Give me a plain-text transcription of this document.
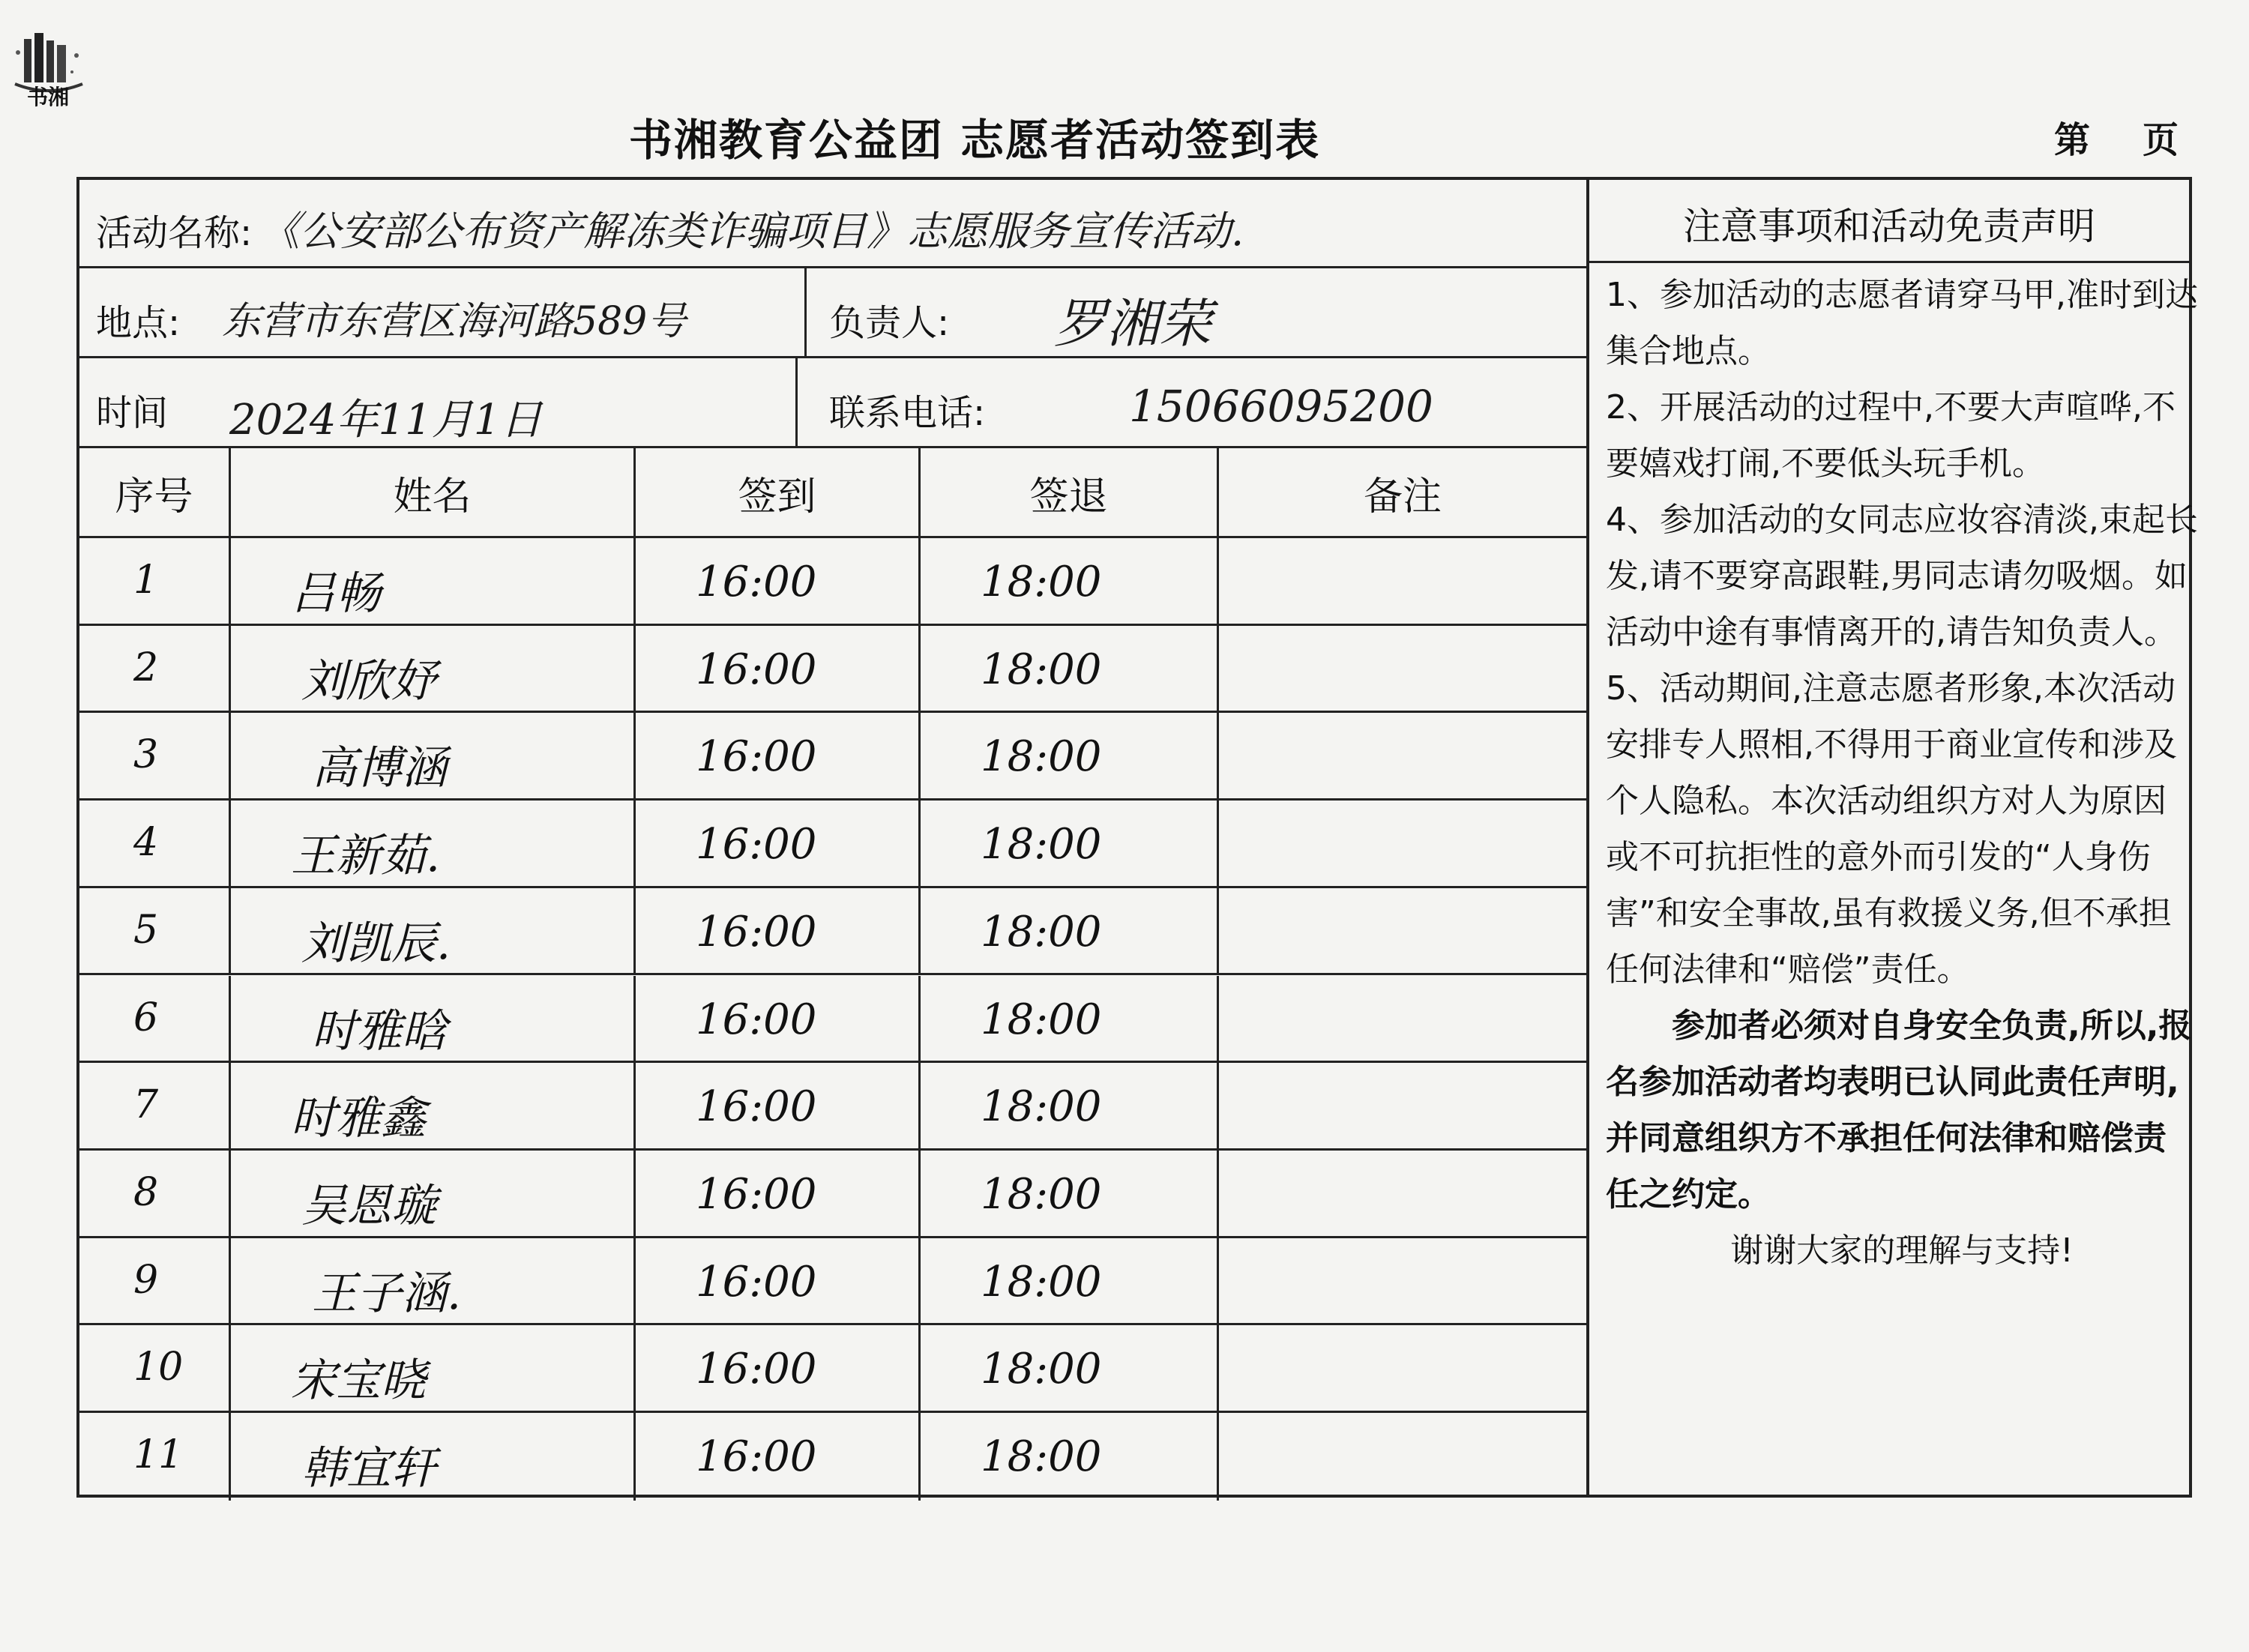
书湘
书湘教育公益团 志愿者活动签到表	第 页
活动名称: 《公安部公布资产解冻类诈骗项目》志愿服务宣传活动.
地点: 东营市东营区海河路589号	负责人: 罗湘荣
时间 2024年11月1日	联系电话:	15066095200
序号	姓名	签到	签退	备注
1	吕畅	16:00	18:00
2	刘欣妤	16:00	18:00
3	高博涵	16:00	18:00
4	王新茹.	16:00	18:00
5	刘凯辰.	16:00	18:00
6	时雅晗	16:00	18:00
7	时雅鑫	16:00	18:00
8	吴恩璇	16:00	18:00
9	王子涵.	16:00	18:00
10 宋宝晓	16:00	18:00
11	韩宜轩	16:00	18:00
注意事项和活动免责声明

1、参加活动的志愿者请穿马甲,准时到达集合地点。

2、开展活动的过程中,不要大声喧哗,不要嬉戏打闹,不要低头玩手机。

4、参加活动的女同志应妆容清淡,束起长发,请不要穿高跟鞋,男同志请勿吸烟。如活动中途有事情离开的,请告知负责人。

5、活动期间,注意志愿者形象,本次活动安排专人照相,不得用于商业宣传和涉及个人隐私。本次活动组织方对人为原因或不可抗拒性的意外而引发的“人身伤害”和安全事故,虽有救援义务,但不承担任何法律和“赔偿”责任。

参加者必须对自身安全负责,所以,报名参加活动者均表明已认同此责任声明,并同意组织方不承担任何法律和赔偿责任之约定。

谢谢大家的理解与支持!
